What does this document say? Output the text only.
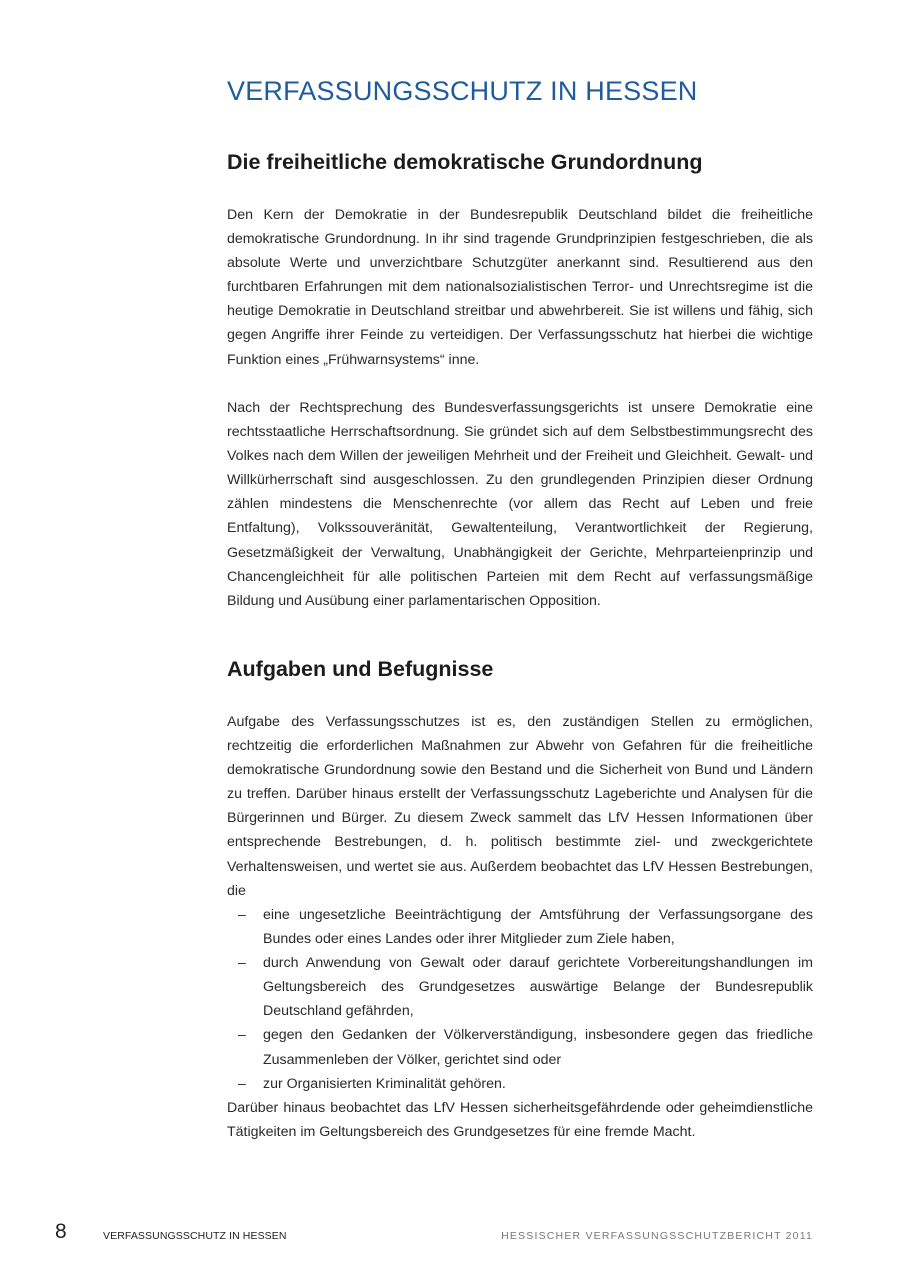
VERFASSUNGSSCHUTZ IN HESSEN
Die freiheitliche demokratische Grundordnung

Den Kern der Demokratie in der Bundesrepublik Deutschland bildet die freiheitliche demokratische Grundordnung. In ihr sind tragende Grundprinzipien festgeschrieben, die als absolute Werte und unverzichtbare Schutzgüter anerkannt sind. Resultierend aus den furchtbaren Erfahrungen mit dem nationalsozialistischen Terror- und Unrechtsregime ist die heutige Demokratie in Deutschland streitbar und abwehrbereit. Sie ist willens und fähig, sich gegen Angriffe ihrer Feinde zu verteidigen. Der Verfassungsschutz hat hierbei die wichtige Funktion eines „Frühwarnsystems“ inne.

Nach der Rechtsprechung des Bundesverfassungsgerichts ist unsere Demokratie eine rechtsstaatliche Herrschaftsordnung. Sie gründet sich auf dem Selbstbestimmungsrecht des Volkes nach dem Willen der jeweiligen Mehrheit und der Freiheit und Gleichheit. Gewalt- und Willkürherrschaft sind ausgeschlossen. Zu den grundlegenden Prinzipien dieser Ordnung zählen mindestens die Menschenrechte (vor allem das Recht auf Leben und freie Entfaltung), Volkssouveränität, Gewaltenteilung, Verantwortlichkeit der Regierung, Gesetzmäßigkeit der Verwaltung, Unabhängigkeit der Gerichte, Mehrparteienprinzip und Chancengleichheit für alle politischen Parteien mit dem Recht auf verfassungsmäßige Bildung und Ausübung einer parlamentarischen Opposition.

Aufgaben und Befugnisse

Aufgabe des Verfassungsschutzes ist es, den zuständigen Stellen zu ermöglichen, rechtzeitig die erforderlichen Maßnahmen zur Abwehr von Gefahren für die freiheitliche demokratische Grundordnung sowie den Bestand und die Sicherheit von Bund und Ländern zu treffen. Darüber hinaus erstellt der Verfassungsschutz Lageberichte und Analysen für die Bürgerinnen und Bürger. Zu diesem Zweck sammelt das LfV Hessen Informationen über entsprechende Bestrebungen, d. h. politisch bestimmte ziel- und zweckgerichtete Verhaltensweisen, und wertet sie aus. Außerdem beobachtet das LfV Hessen Bestrebungen, die

– eine ungesetzliche Beeinträchtigung der Amtsführung der Verfassungsorgane des Bundes oder eines Landes oder ihrer Mitglieder zum Ziele haben,
– durch Anwendung von Gewalt oder darauf gerichtete Vorbereitungshandlungen im Geltungsbereich des Grundgesetzes auswärtige Belange der Bundesrepublik Deutschland gefährden,
– gegen den Gedanken der Völkerverständigung, insbesondere gegen das friedliche Zusammenleben der Völker, gerichtet sind oder
– zur Organisierten Kriminalität gehören.

Darüber hinaus beobachtet das LfV Hessen sicherheitsgefährdende oder geheimdienstliche Tätigkeiten im Geltungsbereich des Grundgesetzes für eine fremde Macht.

8	VERFASSUNGSSCHUTZ IN HESSEN	HESSISCHER VERFASSUNGSSCHUTZBERICHT 2011
